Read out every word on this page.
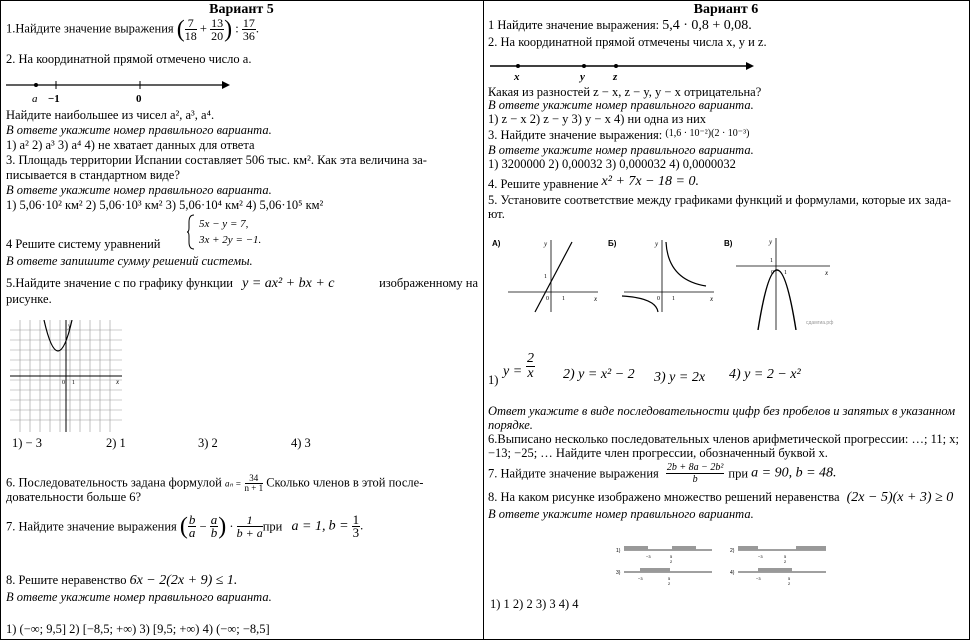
Вариант 5
1.Найдите значение выражения ( $\frac{7}{18} + \frac{13}{20}$ ) : $\frac{17}{36}$ .
2. На координатной прямой отмечено число a.
a −1	0
Найдите наибольшее из чисел a², a³, a⁴.
В ответе укажите номер правильного варианта.
1) a² 2) a³ 3) a⁴ 4) не хватает данных для ответа
3. Площадь территории Испании составляет 506 тыс. км². Как эта величина за-
писывается в стандартном виде?
В ответе укажите номер правильного варианта.
1) 5,06·10² км² 2) 5,06·10³ км² 3) 5,06·10⁴ км² 4) 5,06·10⁵ км²
4 Решите систему уравнений
5x − y = 7,
3x + 2y = −1.
В ответе запишите сумму решений системы.
5.Найдите значение c по графику функции y = ax² + bx + c	изображенному на
рисунке.
y
x
0 1
1) − 3	2) 1	3) 2	4) 3
6. Последовательность задана формулой $a_n = \frac{34}{n + 1}$ Сколько членов в этой после-
довательности больше 6?
7. Найдите значение выражения ( $\frac{b}{a} - \frac{a}{b}$ ) · $\frac{1}{b + a}$ при a = 1, $b = \frac{1}{3}$ .
8. Решите неравенство 6x − 2(2x + 9) ≤ 1.
В ответе укажите номер правильного варианта.
1) (−∞; 9,5] 2) [−8,5; +∞) 3) [9,5; +∞) 4) (−∞; −8,5]
Вариант 6
1 Найдите значение выражения: 5,4 · 0,8 + 0,08.
2. На координатной прямой отмечены числа x, y и z.
x	y	z
Какая из разностей z − x, z − y, y − x отрицательна?
В ответе укажите номер правильного варианта.
1) z − x 2) z − y 3) y − x 4) ни одна из них
3. Найдите значение выражения: $^{(1,6 \cdot 10^{-2})(2 \cdot 10^{-3})}$
В ответе укажите номер правильного варианта.
1) 3200000 2) 0,00032 3) 0,000032 4) 0,0000032
4. Решите уравнение x² + 7x − 18 = 0.
5. Установите соответствие между графиками функций и формулами, которые их зада-
ют.
А)	y
x
1
0 1
Б)	y
x
0 1
В)	y
x
0 1
1
сдамгиа.рф
1)
$y = \frac{2}{x} 2$) y = x² − 2 3) y = 2x 4) y = 2 − x²
Ответ укажите в виде последовательности цифр без пробелов и запятых в указанном
порядке.
6.Выписано несколько последовательных членов арифметической прогрессии: …; 11; x;
−13; −25; … Найдите член прогрессии, обозначенный буквой x.
7. Найдите значение выражения $\frac{\text{2b + 8a − 2b²}}{b}$ при a = 90, b = 48.
8. На каком рисунке изображено множество решений неравенства (2x − 5)(x + 3) ≥ 0
В ответе укажите номер правильного варианта.
1)
−3	5
2
2)
−3	5
2
3)
−3	5
2
4)
−3	5
2
1) 1 2) 2 3) 3 4) 4
